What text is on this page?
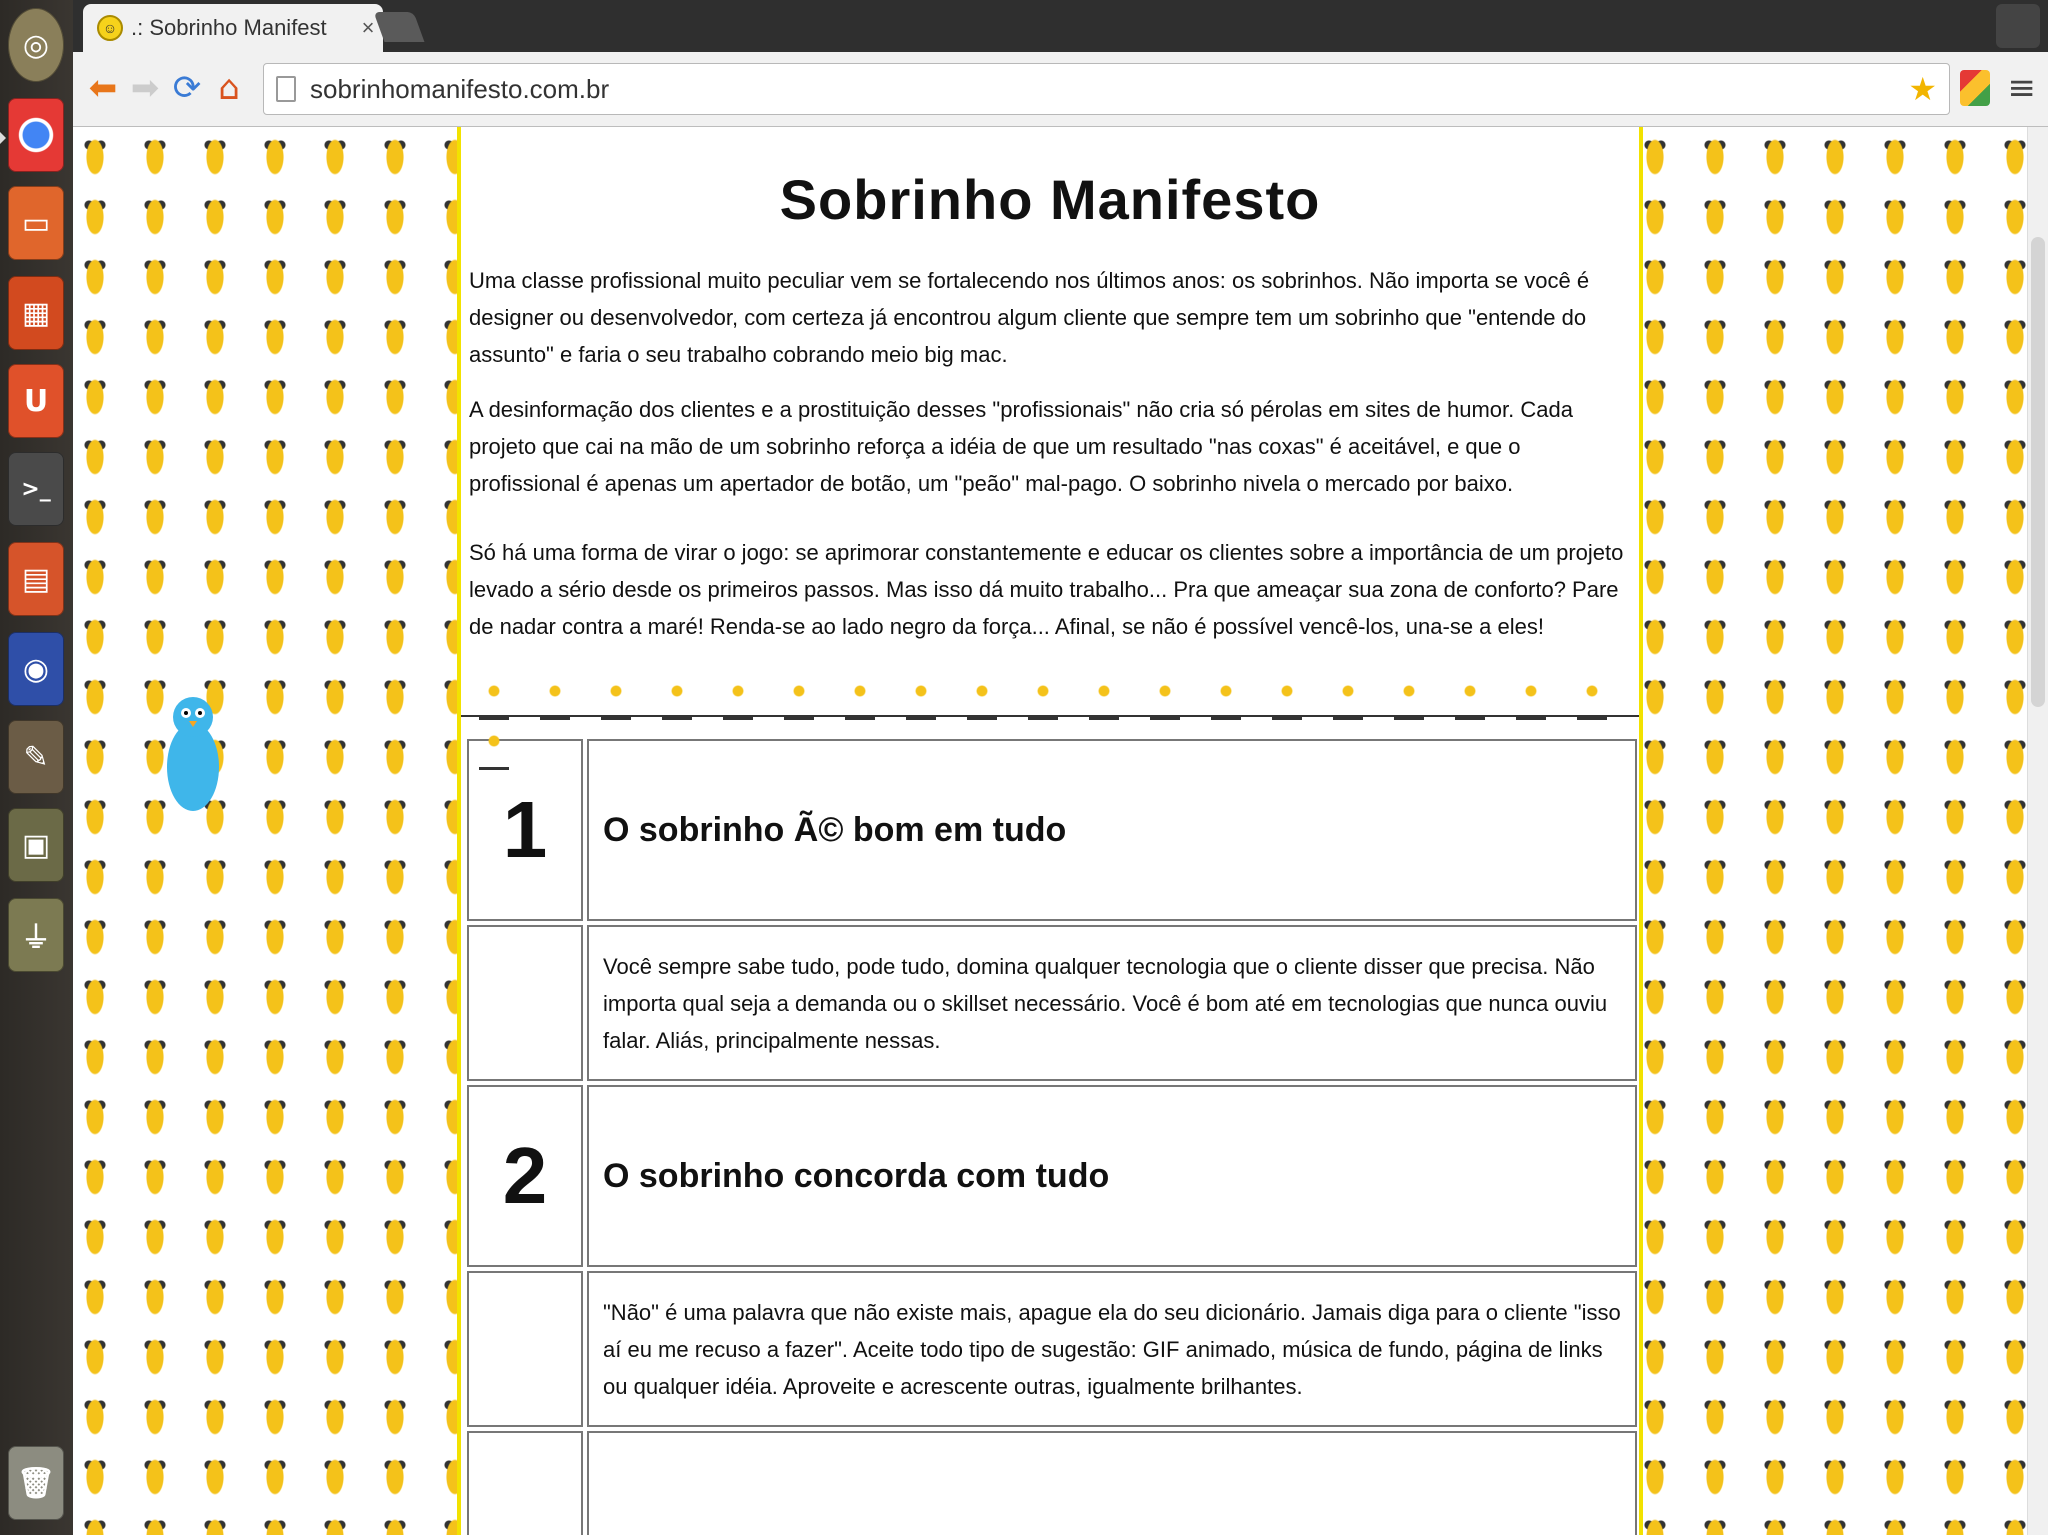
◎
▭
▦
U
>_
▤
◉
✎
▣
⏚
🗑
☺ .: Sobrinho Manifest	×
⬅ ➡ ⟳ ⌂
sobrinhomanifesto.com.br	★ ≡
Sobrinho Manifesto

Uma classe profissional muito peculiar vem se fortalecendo nos últimos anos: os sobrinhos. Não importa se você é designer ou desenvolvedor, com certeza já encontrou algum cliente que sempre tem um sobrinho que "entende do assunto" e faria o seu trabalho cobrando meio big mac.

A desinformação dos clientes e a prostituição desses "profissionais" não cria só pérolas em sites de humor. Cada projeto que cai na mão de um sobrinho reforça a idéia de que um resultado "nas coxas" é aceitável, e que o profissional é apenas um apertador de botão, um "peão" mal-pago. O sobrinho nivela o mercado por baixo.

Só há uma forma de virar o jogo: se aprimorar constantemente e educar os clientes sobre a importância de um projeto levado a sério desde os primeiros passos. Mas isso dá muito trabalho... Pra que ameaçar sua zona de conforto? Pare de nadar contra a maré! Renda-se ao lado negro da força... Afinal, se não é possível vencê-los, una-se a eles!

1	O sobrinho Ã© bom em tudo
	Você sempre sabe tudo, pode tudo, domina qualquer tecnologia que o cliente disser que precisa. Não importa qual seja a demanda ou o skillset necessário. Você é bom até em tecnologias que nunca ouviu falar. Aliás, principalmente nessas.
2	O sobrinho concorda com tudo
	"Não" é uma palavra que não existe mais, apague ela do seu dicionário. Jamais diga para o cliente "isso aí eu me recuso a fazer". Aceite todo tipo de sugestão: GIF animado, música de fundo, página de links ou qualquer idéia. Aproveite e acrescente outras, igualmente brilhantes.
